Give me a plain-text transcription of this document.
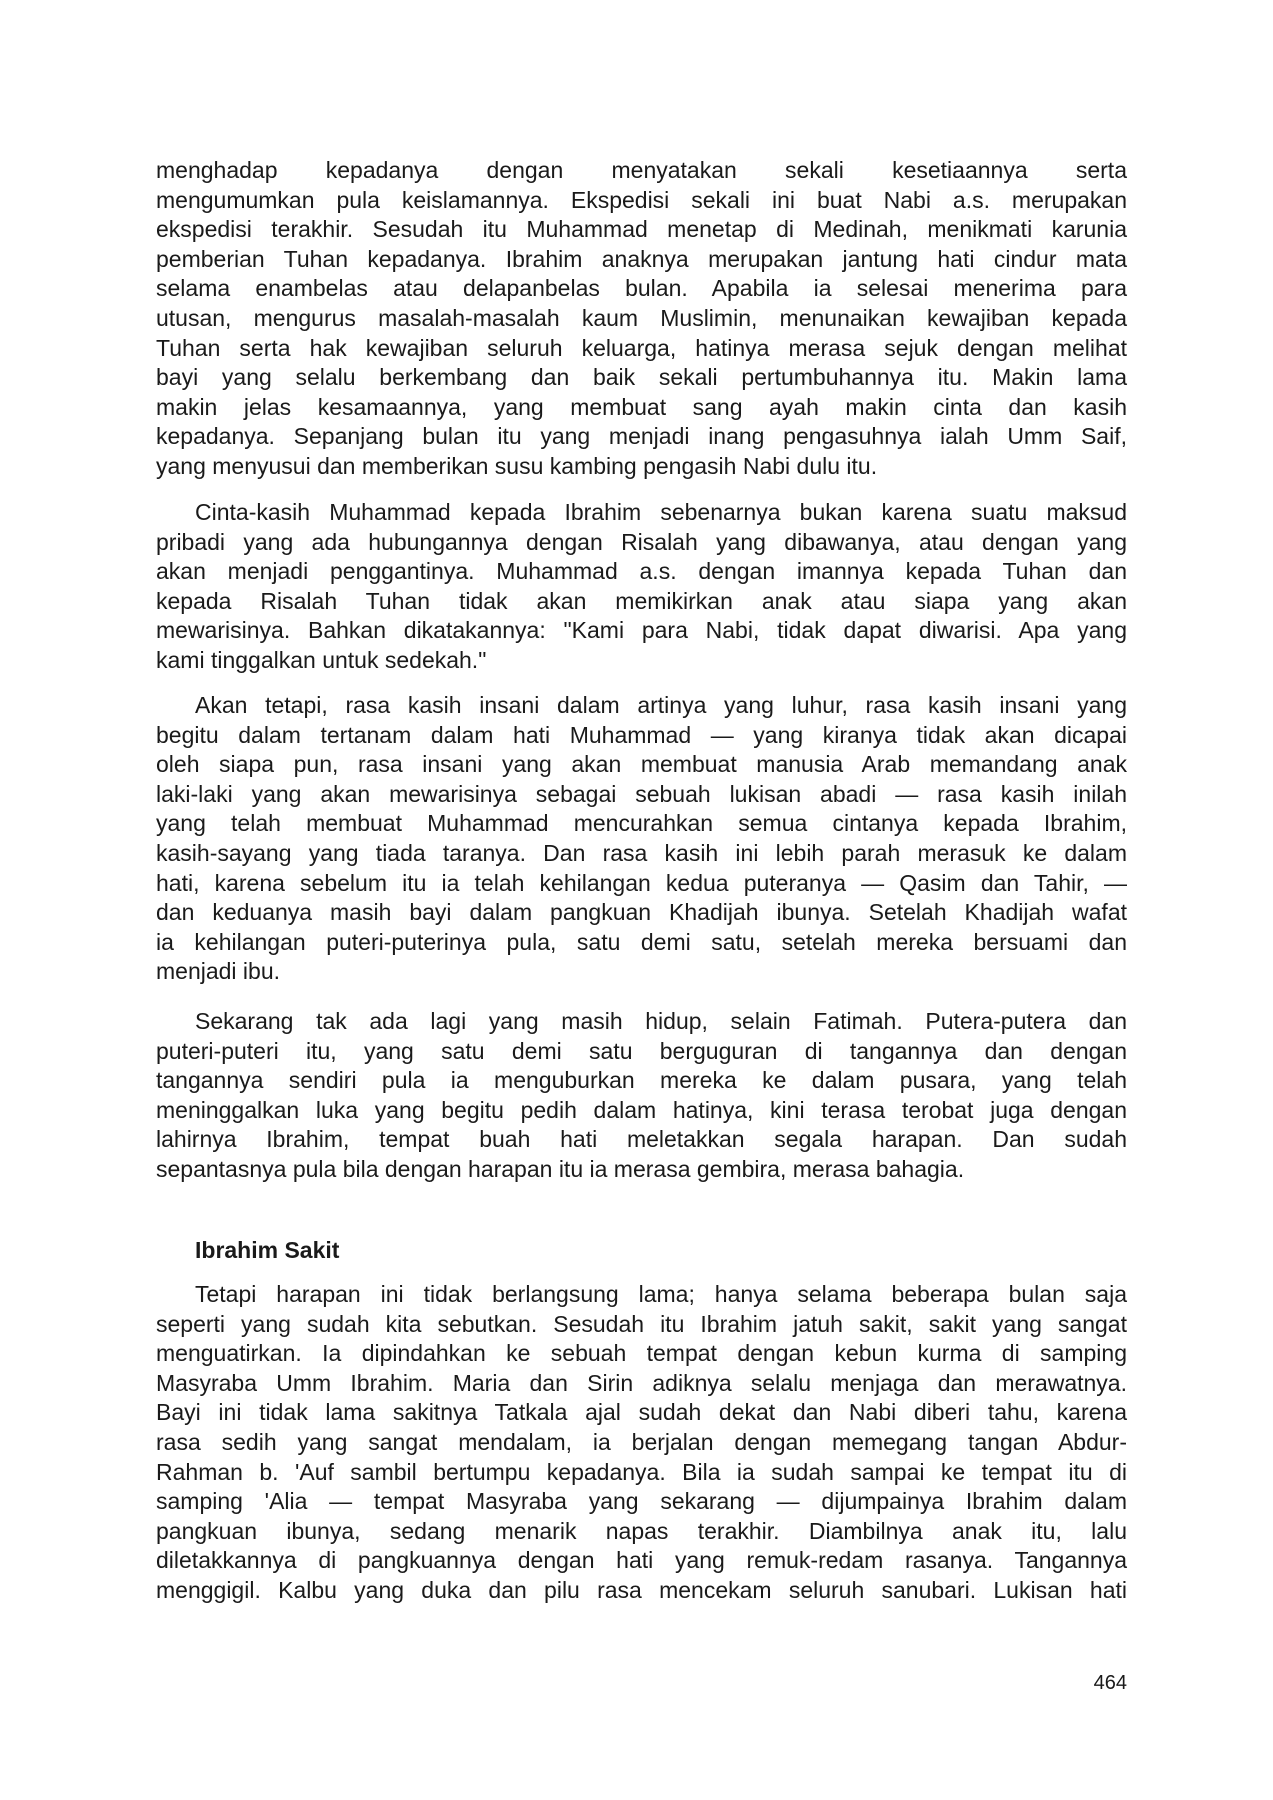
menghadap kepadanya dengan menyatakan sekali kesetiaannya serta
mengumumkan pula keislamannya. Ekspedisi sekali ini buat Nabi a.s. merupakan
ekspedisi terakhir. Sesudah itu Muhammad menetap di Medinah, menikmati karunia
pemberian Tuhan kepadanya. Ibrahim anaknya merupakan jantung hati cindur mata
selama enambelas atau delapanbelas bulan. Apabila ia selesai menerima para
utusan, mengurus masalah-masalah kaum Muslimin, menunaikan kewajiban kepada
Tuhan serta hak kewajiban seluruh keluarga, hatinya merasa sejuk dengan melihat
bayi yang selalu berkembang dan baik sekali pertumbuhannya itu. Makin lama
makin jelas kesamaannya, yang membuat sang ayah makin cinta dan kasih
kepadanya. Sepanjang bulan itu yang menjadi inang pengasuhnya ialah Umm Saif,
yang menyusui dan memberikan susu kambing pengasih Nabi dulu itu.
Cinta-kasih Muhammad kepada Ibrahim sebenarnya bukan karena suatu maksud
pribadi yang ada hubungannya dengan Risalah yang dibawanya, atau dengan yang
akan menjadi penggantinya. Muhammad a.s. dengan imannya kepada Tuhan dan
kepada Risalah Tuhan tidak akan memikirkan anak atau siapa yang akan
mewarisinya. Bahkan dikatakannya: "Kami para Nabi, tidak dapat diwarisi. Apa yang
kami tinggalkan untuk sedekah."
Akan tetapi, rasa kasih insani dalam artinya yang luhur, rasa kasih insani yang
begitu dalam tertanam dalam hati Muhammad — yang kiranya tidak akan dicapai
oleh siapa pun, rasa insani yang akan membuat manusia Arab memandang anak
laki-laki yang akan mewarisinya sebagai sebuah lukisan abadi — rasa kasih inilah
yang telah membuat Muhammad mencurahkan semua cintanya kepada Ibrahim,
kasih-sayang yang tiada taranya. Dan rasa kasih ini lebih parah merasuk ke dalam
hati, karena sebelum itu ia telah kehilangan kedua puteranya — Qasim dan Tahir, —
dan keduanya masih bayi dalam pangkuan Khadijah ibunya. Setelah Khadijah wafat
ia kehilangan puteri-puterinya pula, satu demi satu, setelah mereka bersuami dan
menjadi ibu.
Sekarang tak ada lagi yang masih hidup, selain Fatimah. Putera-putera dan
puteri-puteri itu, yang satu demi satu berguguran di tangannya dan dengan
tangannya sendiri pula ia menguburkan mereka ke dalam pusara, yang telah
meninggalkan luka yang begitu pedih dalam hatinya, kini terasa terobat juga dengan
lahirnya Ibrahim, tempat buah hati meletakkan segala harapan. Dan sudah
sepantasnya pula bila dengan harapan itu ia merasa gembira, merasa bahagia.
Ibrahim Sakit
Tetapi harapan ini tidak berlangsung lama; hanya selama beberapa bulan saja
seperti yang sudah kita sebutkan. Sesudah itu Ibrahim jatuh sakit, sakit yang sangat
menguatirkan. Ia dipindahkan ke sebuah tempat dengan kebun kurma di samping
Masyraba Umm Ibrahim. Maria dan Sirin adiknya selalu menjaga dan merawatnya.
Bayi ini tidak lama sakitnya Tatkala ajal sudah dekat dan Nabi diberi tahu, karena
rasa sedih yang sangat mendalam, ia berjalan dengan memegang tangan Abdur-
Rahman b. 'Auf sambil bertumpu kepadanya. Bila ia sudah sampai ke tempat itu di
samping 'Alia — tempat Masyraba yang sekarang — dijumpainya Ibrahim dalam
pangkuan ibunya, sedang menarik napas terakhir. Diambilnya anak itu, lalu
diletakkannya di pangkuannya dengan hati yang remuk-redam rasanya. Tangannya
menggigil. Kalbu yang duka dan pilu rasa mencekam seluruh sanubari. Lukisan hati
464
